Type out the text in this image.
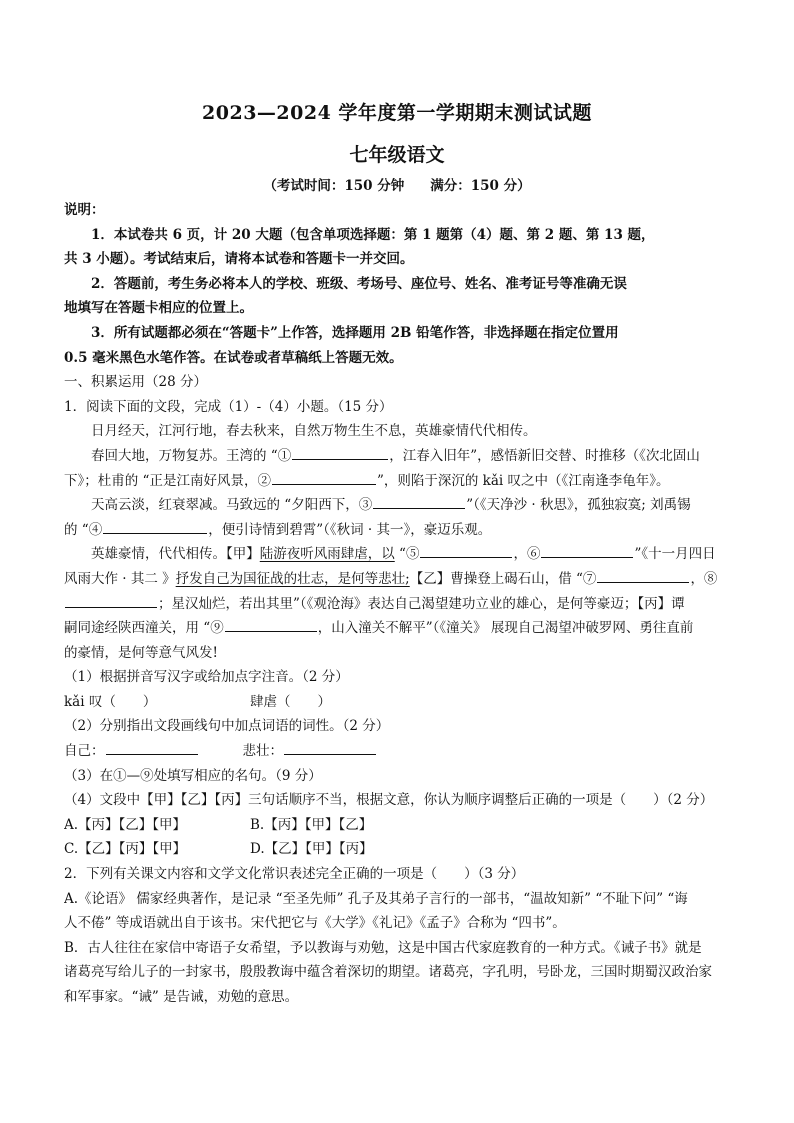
2023—2024 学年度第一学期期末测试试题
七年级语文
（考试时间：150 分钟 满分：150 分）
说明：
1．本试卷共 6 页，计 20 大题（包含单项选择题：第 1 题第（4）题、第 2 题、第 13 题，
共 3 小题）。考试结束后，请将本试卷和答题卡一并交回。
2．答题前，考生务必将本人的学校、班级、考场号、座位号、姓名、准考证号等准确无误
地填写在答题卡相应的位置上。
3．所有试题都必须在“答题卡”上作答，选择题用 2B 铅笔作答，非选择题在指定位置用
0.5 毫米黑色水笔作答。在试卷或者草稿纸上答题无效。
一、积累运用（28 分）
1．阅读下面的文段，完成（1）-（4）小题。（15 分）
日月经天，江河行地，春去秋来，自然万物生生不息，英雄豪情代代相传。
春回大地，万物复苏。王湾的 “①	，江春入旧年”，感悟新旧交替、时推移（《次北固山
下》；杜甫的 “正是江南好风景，②	”，则陷于深沉的 kǎi 叹之中（《江南逢李龟年》。
天高云淡，红衰翠减。马致远的 “夕阳西下，③	”（《天净沙 · 秋思》，孤独寂寞; 刘禹锡
的 “④	，便引诗情到碧霄”（《秋词 · 其一》，豪迈乐观。
英雄豪情，代代相传。【甲】陆游夜听风雨肆虐，以 “⑤	，⑥	”《十一月四日
风雨大作 · 其二 》抒发自己为国征战的壮志，是何等悲壮;【乙】曹操登上碣石山，借 “⑦	，⑧
；星汉灿烂，若出其里”（《观沧海》表达自己渴望建功立业的雄心，是何等豪迈；【丙】谭
嗣同途经陕西潼关，用 “⑨	，山入潼关不解平”（《潼关》 展现自己渴望冲破罗网、勇往直前
的豪情，是何等意气风发!
（1）根据拼音写汉字或给加点字注音。（2 分）
kǎi 叹（　　）	肆虐（　　）
（2）分别指出文段画线句中加点词语的词性。（2 分）
自己：	悲壮：
（3）在①—⑨处填写相应的名句。（9 分）
（4）文段中【甲】【乙】【丙】三句话顺序不当，根据文意，你认为顺序调整后正确的一项是（　　）（2 分）
A.【丙】【乙】【甲】	B.【丙】【甲】【乙】
C.【乙】【丙】【甲】	D.【乙】【甲】【丙】
2．下列有关课文内容和文学文化常识表述完全正确的一项是（　　）（3 分）
A.《论语》 儒家经典著作，是记录 “至圣先师” 孔子及其弟子言行的一部书，“温故知新” “不耻下问” “诲
人不倦” 等成语就出自于该书。宋代把它与《大学》《礼记》《孟子》合称为 “四书”。
B．古人往往在家信中寄语子女希望，予以教诲与劝勉，这是中国古代家庭教育的一种方式。《诫子书》就是
诸葛亮写给儿子的一封家书，殷殷教诲中蕴含着深切的期望。诸葛亮，字孔明，号卧龙，三国时期蜀汉政治家
和军事家。“诫” 是告诫，劝勉的意思。
